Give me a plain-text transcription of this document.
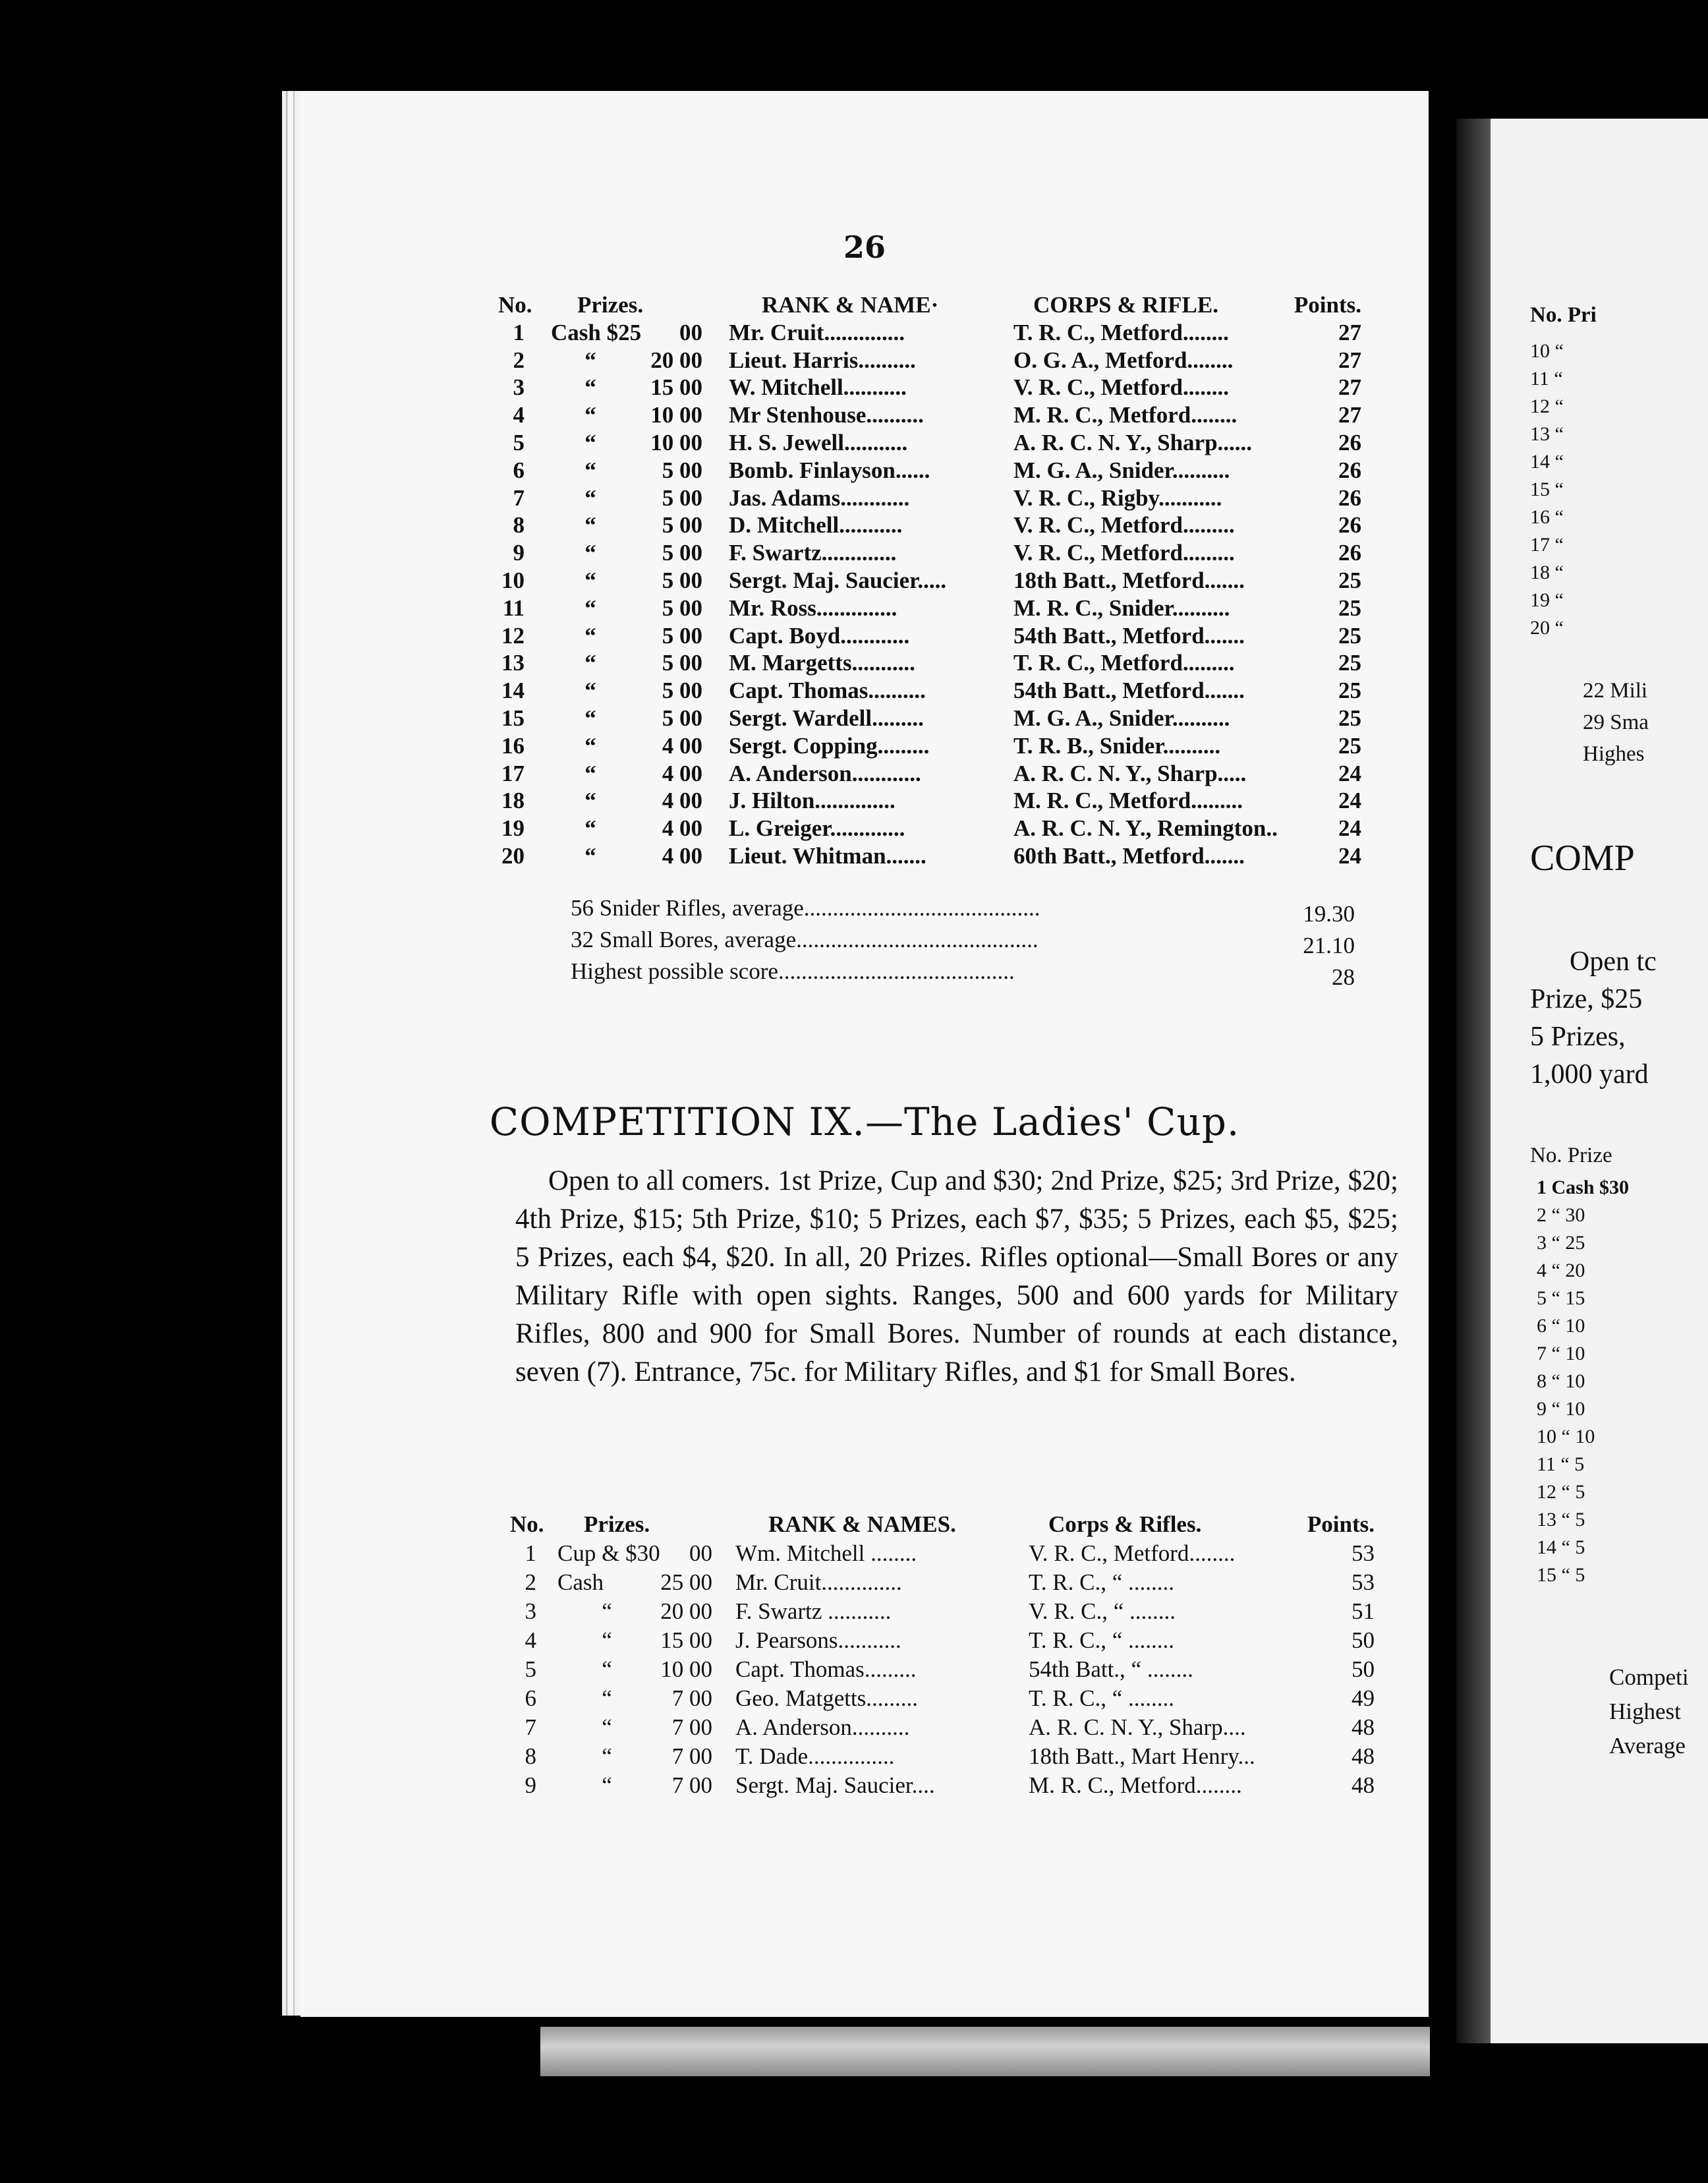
26
No.	Prizes.	RANK & NAME·	CORPS & RIFLE.	Points.
1 Cash $25 00 Mr. Cruit..............	T. R. C., Metford........	27
2	“ 20 00 Lieut. Harris..........	O. G. A., Metford........	27
3	“ 15 00 W. Mitchell...........	V. R. C., Metford........	27
4	“ 10 00 Mr Stenhouse..........	M. R. C., Metford........	27
5	“ 10 00 H. S. Jewell...........	A. R. C. N. Y., Sharp......	26
6	“	5 00 Bomb. Finlayson......	M. G. A., Snider..........	26
7	“	5 00 Jas. Adams............	V. R. C., Rigby...........	26
8	“	5 00 D. Mitchell...........	V. R. C., Metford.........	26
9	“	5 00 F. Swartz.............	V. R. C., Metford.........	26
10	“	5 00 Sergt. Maj. Saucier.....	18th Batt., Metford.......	25
11	“	5 00 Mr. Ross..............	M. R. C., Snider..........	25
12	“	5 00 Capt. Boyd............	54th Batt., Metford.......	25
13	“	5 00 M. Margetts...........	T. R. C., Metford.........	25
14	“	5 00 Capt. Thomas..........	54th Batt., Metford.......	25
15	“	5 00 Sergt. Wardell.........	M. G. A., Snider..........	25
16	“	4 00 Sergt. Copping.........	T. R. B., Snider..........	25
17	“	4 00 A. Anderson............	A. R. C. N. Y., Sharp.....	24
18	“	4 00 J. Hilton..............	M. R. C., Metford.........	24
19	“	4 00 L. Greiger.............	A. R. C. N. Y., Remington..	24
20	“	4 00 Lieut. Whitman.......	60th Batt., Metford.......	24
56 Snider Rifles, average.........................................	19.30
32 Small Bores, average..........................................	21.10
Highest possible score.........................................	28
COMPETITION IX.—The Ladies' Cup.

Open to all comers. 1st Prize, Cup and $30; 2nd Prize, $25; 3rd Prize, $20; 4th Prize, $15; 5th Prize, $10; 5 Prizes, each $7, $35; 5 Prizes, each $5, $25; 5 Prizes, each $4, $20. In all, 20 Prizes. Rifles optional—Small Bores or any Military Rifle with open sights. Ranges, 500 and 600 yards for Military Rifles, 800 and 900 for Small Bores. Number of rounds at each distance, seven (7). Entrance, 75c. for Military Rifles, and $1 for Small Bores.

No.	Prizes.	RANK & NAMES.	Corps & Rifles.	Points.
1 Cup & $30 00 Wm. Mitchell ........	V. R. C., Metford........	53
2 Cash 25 00 Mr. Cruit..............	T. R. C., “ ........	53
3	“ 20 00 F. Swartz ...........	V. R. C., “ ........	51
4	“ 15 00 J. Pearsons...........	T. R. C., “ ........	50
5	“ 10 00 Capt. Thomas.........	54th Batt., “ ........	50
6	“	7 00 Geo. Matgetts.........	T. R. C., “ ........	49
7	“	7 00 A. Anderson..........	A. R. C. N. Y., Sharp....	48
8	“	7 00 T. Dade...............	18th Batt., Mart Henry...	48
9	“	7 00 Sergt. Maj. Saucier....	M. R. C., Metford........	48
No. Pri
10 “
11 “
12 “
13 “
14 “
15 “
16 “
17 “
18 “
19 “
20 “
22 Mili
29 Sma
Highes
COMP
Open tc
Prize, $25
5 Prizes,
1,000 yard
No. Prize
1 Cash $30
2 “ 30
3 “ 25
4 “ 20
5 “ 15
6 “ 10
7 “ 10
8 “ 10
9 “ 10
10 “ 10
11 “ 5
12 “ 5
13 “ 5
14 “ 5
15 “ 5
Competi
Highest
Average
